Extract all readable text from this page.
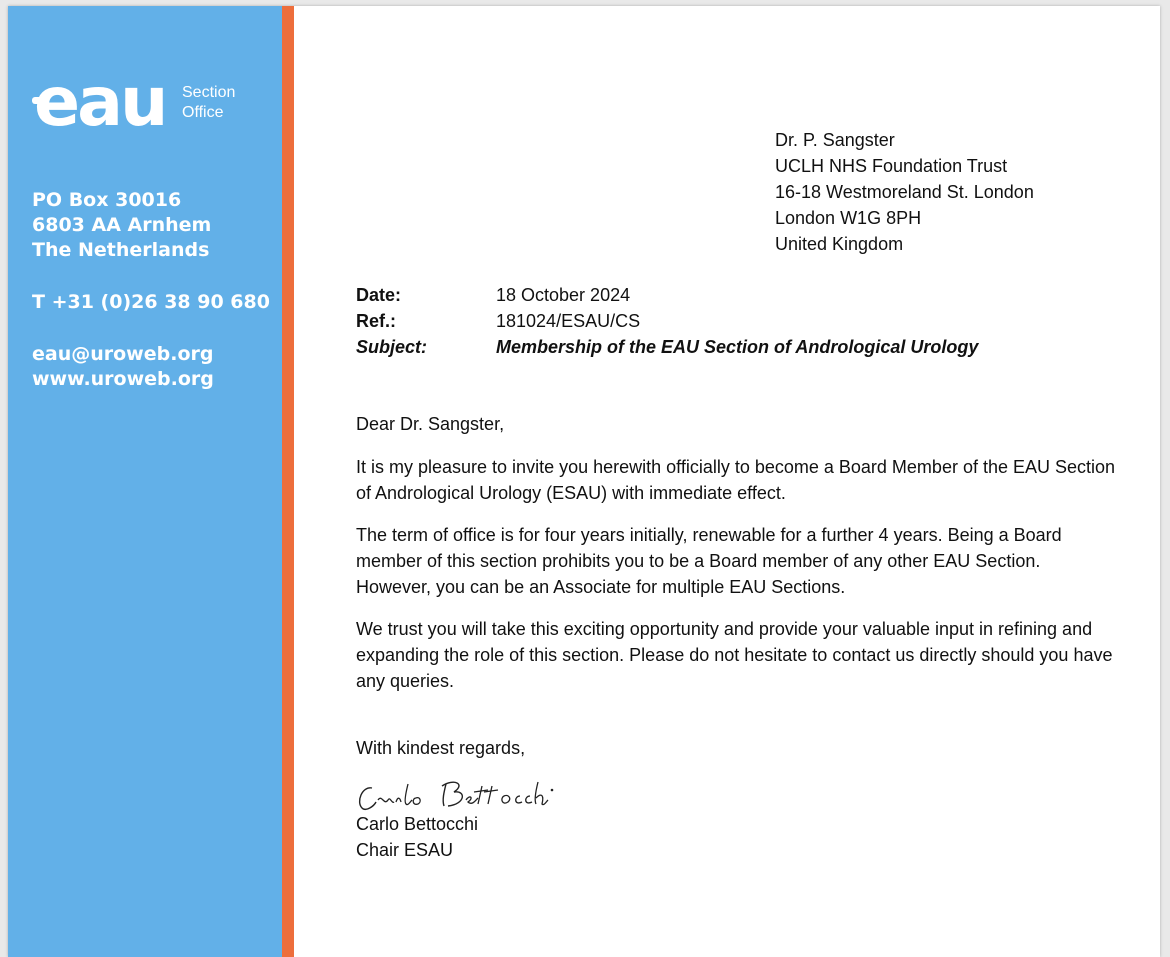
eau Section
Office
PO Box 30016
6803 AA Arnhem
The Netherlands
T +31 (0)26 38 90 680
eau@uroweb.org
www.uroweb.org
Dr. P. Sangster
UCLH NHS Foundation Trust
16-18 Westmoreland St. London
London W1G 8PH
United Kingdom
Date:	18 October 2024
Ref.:	181024/ESAU/CS
Subject:	Membership of the EAU Section of Andrological Urology

Dear Dr. Sangster,

It is my pleasure to invite you herewith officially to become a Board Member of the EAU Section of Andrological Urology (ESAU) with immediate effect.

The term of office is for four years initially, renewable for a further 4 years. Being a Board member of this section prohibits you to be a Board member of any other EAU Section. However, you can be an Associate for multiple EAU Sections.

We trust you will take this exciting opportunity and provide your valuable input in refining and expanding the role of this section. Please do not hesitate to contact us directly should you have any queries.

With kindest regards,

Carlo Bettocchi
Chair ESAU
